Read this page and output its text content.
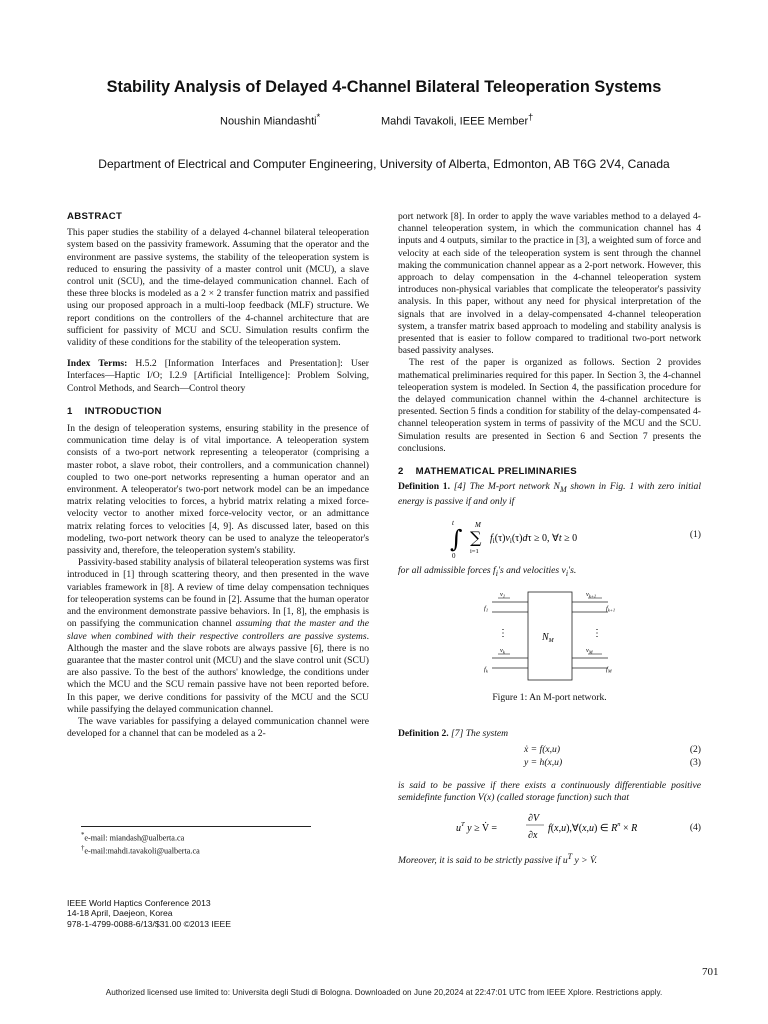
Stability Analysis of Delayed 4-Channel Bilateral Teleoperation Systems
Noushin Miandashti*	Mahdi Tavakoli, IEEE Member†
Department of Electrical and Computer Engineering, University of Alberta, Edmonton, AB T6G 2V4, Canada
ABSTRACT

This paper studies the stability of a delayed 4-channel bilateral teleoperation system based on the passivity framework. Assuming that the operator and the environment are passive systems, the stability of the teleoperation system is reduced to ensuring the passivity of a master control unit (MCU), a slave control unit (SCU), and the time-delayed communication channel. Each of these three blocks is modeled as a 2 × 2 transfer function matrix and passified using our proposed approach in a multi-loop feedback (MLF) structure. We report conditions on the controllers of the 4-channel architecture that are sufficient for passivity of MCU and SCU. Simulation results confirm the validity of these conditions for the stability of the teleoperation system.

Index Terms: H.5.2 [Information Interfaces and Presentation]: User Interfaces—Haptic I/O; I.2.9 [Artificial Intelligence]: Problem Solving, Control Methods, and Search—Control theory

1 INTRODUCTION

In the design of teleoperation systems, ensuring stability in the presence of communication time delay is of vital importance. A teleoperation system consists of a two-port network representing a teleoperator (comprising a master robot, a slave robot, their controllers, and a communication channel) coupled to two one-port networks representing a human operator and an environment. A teleoperator's two-port network model can be an impedance matrix relating velocities to forces, a hybrid matrix relating a mixed force-velocity vector to another mixed force-velocity vector, or an admittance matrix relating forces to velocities [4, 9]. As discussed later, based on this modeling, two-port network theory can be used to analyze the teleoperator's passivity and, therefore, the teleoperation system's stability.

Passivity-based stability analysis of bilateral teleoperation systems was first introduced in [1] through scattering theory, and then presented in the wave variables framework in [8]. A review of time delay compensation techniques for teleoperation systems can be found in [2]. Assume that the human operator and the environment demonstrate passive behaviors. In [1, 8], the emphasis is on passifying the communication channel assuming that the master and the slave when combined with their respective controllers are passive systems. Although the master and the slave robots are always passive [6], there is no guarantee that the master control unit (MCU) and the slave control unit (SCU) are also passive. To the best of the authors' knowledge, the conditions under which the MCU and the SCU remain passive have not been reported before. In this paper, we derive conditions for passivity of the MCU and the SCU while passifying the delayed communication channel.

The wave variables for passifying a delayed communication channel were developed for a channel that can be modeled as a 2-

*e-mail: miandash@ualberta.ca
†e-mail:mahdi.tavakoli@ualberta.ca
IEEE World Haptics Conference 2013
14-18 April, Daejeon, Korea
978-1-4799-0088-6/13/$31.00 ©2013 IEEE

port network [8]. In order to apply the wave variables method to a delayed 4-channel teleoperation system, in which the communication channel has 4 inputs and 4 outputs, similar to the practice in [3], a weighted sum of force and velocity at each side of the teleoperation system is sent through the channel making the communication channel appear as a 2-port network. However, this approach to delay compensation in the 4-channel teleoperation system introduces non-physical variables that complicate the teleoperator's passivity analysis. In this paper, without any need for physical interpretation of the signals that are involved in a delay-compensated 4-channel teleoperation system, a transfer matrix based approach to modeling and stability analysis is presented that is easier to follow compared to traditional two-port network based passivity analyses.

The rest of the paper is organized as follows. Section 2 provides mathematical preliminaries required for this paper. In Section 3, the 4-channel teleoperation system is modeled. In Section 4, the passification procedure for the delayed communication channel within the 4-channel architecture is presented. Section 5 finds a condition for stability of the delay-compensated 4-channel teleoperation system in terms of passivity of the MCU and the SCU. Simulation results are presented in Section 6 and Section 7 presents the conclusions.

2 MATHEMATICAL PRELIMINARIES

Definition 1. [4] The M-port network $N_M$ shown in Fig. 1 with zero initial energy is passive if and only if

t
∫
0
M
∑
i=1
$f_i(\tau)v_i(\tau)d\tau \ge 0$, ∀t ≥ 0	(1)

for all admissible forces $f_i's$ and velocities $v_i's$.

$N_M$
$v_1$
$f_1$
⋮
$v_k$
$f_k$
$v_{k+1}$
$f_{k+1}$
⋮
$v_M$
$f_M$

Figure 1: An M-port network.

Definition 2. [7] The system

ẋ = f(x,u)	(2)
y = h(x,u)	(3)

is said to be passive if there exists a continuously differentiable positive semidefinte function V(x) (called storage function) such that

$u^T$ y ≥ V̇ =
∂V
∂x
f(x,u),∀(x,u) ∈ $R^n \times R$	(4)

Moreover, it is said to be strictly passive if $u^T$ y > V̇.

701
Authorized licensed use limited to: Universita degli Studi di Bologna. Downloaded on June 20,2024 at 22:47:01 UTC from IEEE Xplore. Restrictions apply.
